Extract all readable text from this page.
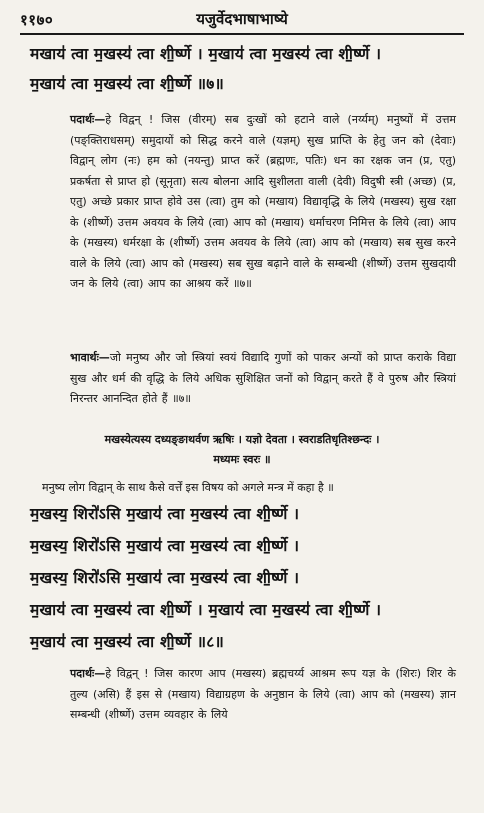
११७०	यजुर्वेदभाषाभाष्ये
मखाय॑ त्वा म॒खस्य॑ त्वा शी॒र्ष्णे । म॒खाय॑ त्वा म॒खस्य॑ त्वा शी॒र्ष्णे ।
म॒खाय॑ त्वा म॒खस्य॑ त्वा शी॒र्ष्णे ॥७॥
पदार्थः—हे विद्वन् ! जिस (वीरम्) सब दुःखों को हटाने वाले (नर्य्यम्) मनुष्यों में उत्तम (पङ्क्तिराधसम्) समुदायों को सिद्ध करने वाले (यज्ञम्) सुख प्राप्ति के हेतु जन को (देवाः) विद्वान् लोग (नः) हम को (नयन्तु) प्राप्त करें (ब्रह्मणः, पतिः) धन का रक्षक जन (प्र, एतु) प्रकर्षता से प्राप्त हो (सूनृता) सत्य बोलना आदि सुशीलता वाली (देवी) विदुषी स्त्री (अच्छ) (प्र, एतु) अच्छे प्रकार प्राप्त होवे उस (त्वा) तुम को (मखाय) विद्यावृद्धि के लिये (मखस्य) सुख रक्षा के (शीर्ष्णे) उत्तम अवयव के लिये (त्वा) आप को (मखाय) धर्माचरण निमित्त के लिये (त्वा) आप के (मखस्य) धर्मरक्षा के (शीर्ष्णे) उत्तम अवयव के लिये (त्वा) आप को (मखाय) सब सुख करने वाले के लिये (त्वा) आप को (मखस्य) सब सुख बढ़ाने वाले के सम्बन्धी (शीर्ष्णे) उत्तम सुखदायी जन के लिये (त्वा) आप का आश्रय करें ॥७॥
भावार्थः—जो मनुष्य और जो स्त्रियां स्वयं विद्यादि गुणों को पाकर अन्यों को प्राप्त कराके विद्या सुख और धर्म की वृद्धि के लिये अधिक सुशिक्षित जनों को विद्वान् करते हैं वे पुरुष और स्त्रियां निरन्तर आनन्दित होते हैं ॥७॥
मखस्येत्यस्य दध्यङ्ङाथर्वण ऋषिः । यज्ञो देवता । स्वराडतिधृतिश्छन्दः ।
मध्यमः स्वरः ॥
मनुष्य लोग विद्वान् के साथ कैसे वर्त्तें इस विषय को अगले मन्त्र में कहा है ॥
म॒खस्य॒ शिरो॑ऽसि म॒खाय॑ त्वा म॒खस्य॑ त्वा शी॒र्ष्णे ।
म॒खस्य॒ शिरो॑ऽसि म॒खाय॑ त्वा म॒खस्य॑ त्वा शी॒र्ष्णे ।
म॒खस्य॒ शिरो॑ऽसि म॒खाय॑ त्वा म॒खस्य॑ त्वा शी॒र्ष्णे ।
म॒खाय॑ त्वा म॒खस्य॑ त्वा शी॒र्ष्णे । म॒खाय॑ त्वा म॒खस्य॑ त्वा शी॒र्ष्णे ।
म॒खाय॑ त्वा म॒खस्य॑ त्वा शी॒र्ष्णे ॥८॥
पदार्थः—हे विद्वन् ! जिस कारण आप (मखस्य) ब्रह्मचर्य्य आश्रम रूप यज्ञ के (शिरः) शिर के तुल्य (असि) हैं इस से (मखाय) विद्याग्रहण के अनुष्ठान के लिये (त्वा) आप को (मखस्य) ज्ञान सम्बन्धी (शीर्ष्णे) उत्तम व्यवहार के लिये
